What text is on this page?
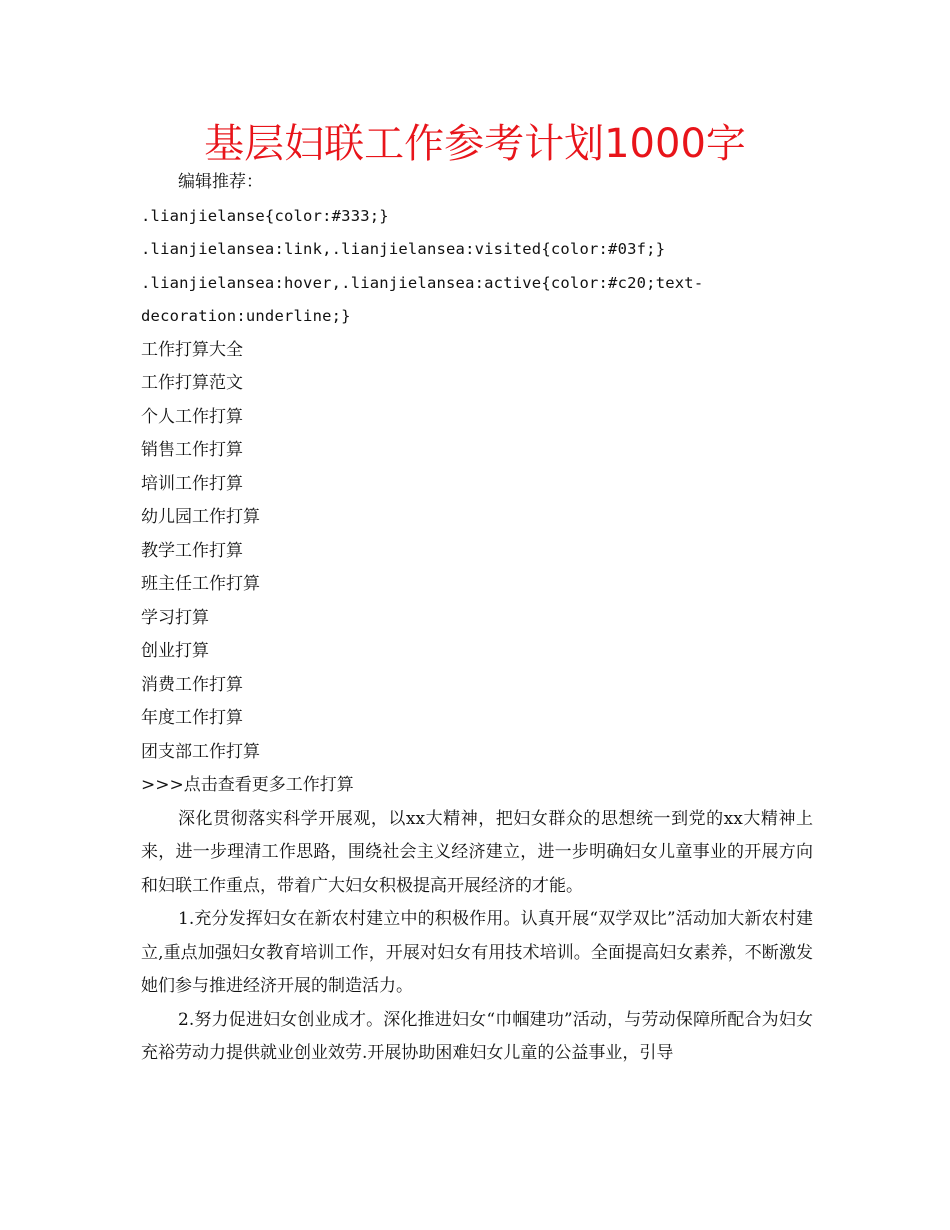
基层妇联工作参考计划1000字

编辑推荐：

.lianjielanse{color:#333;}

.lianjielansea:link,.lianjielansea:visited{color:#03f;}

.lianjielansea:hover,.lianjielansea:active{color:#c20;text-

decoration:underline;}

工作打算大全

工作打算范文

个人工作打算

销售工作打算

培训工作打算

幼儿园工作打算

教学工作打算

班主任工作打算

学习打算

创业打算

消费工作打算

年度工作打算

团支部工作打算

>>>点击查看更多工作打算

深化贯彻落实科学开展观，以xx大精神，把妇女群众的思想统一到党的xx大精神上来，进一步理清工作思路，围绕社会主义经济建立，进一步明确妇女儿童事业的开展方向和妇联工作重点，带着广大妇女积极提高开展经济的才能。

1.充分发挥妇女在新农村建立中的积极作用。认真开展“双学双比”活动加大新农村建立,重点加强妇女教育培训工作，开展对妇女有用技术培训。全面提高妇女素养，不断激发她们参与推进经济开展的制造活力。

2.努力促进妇女创业成才。深化推进妇女“巾帼建功”活动，与劳动保障所配合为妇女充裕劳动力提供就业创业效劳.开展协助困难妇女儿童的公益事业，引导
